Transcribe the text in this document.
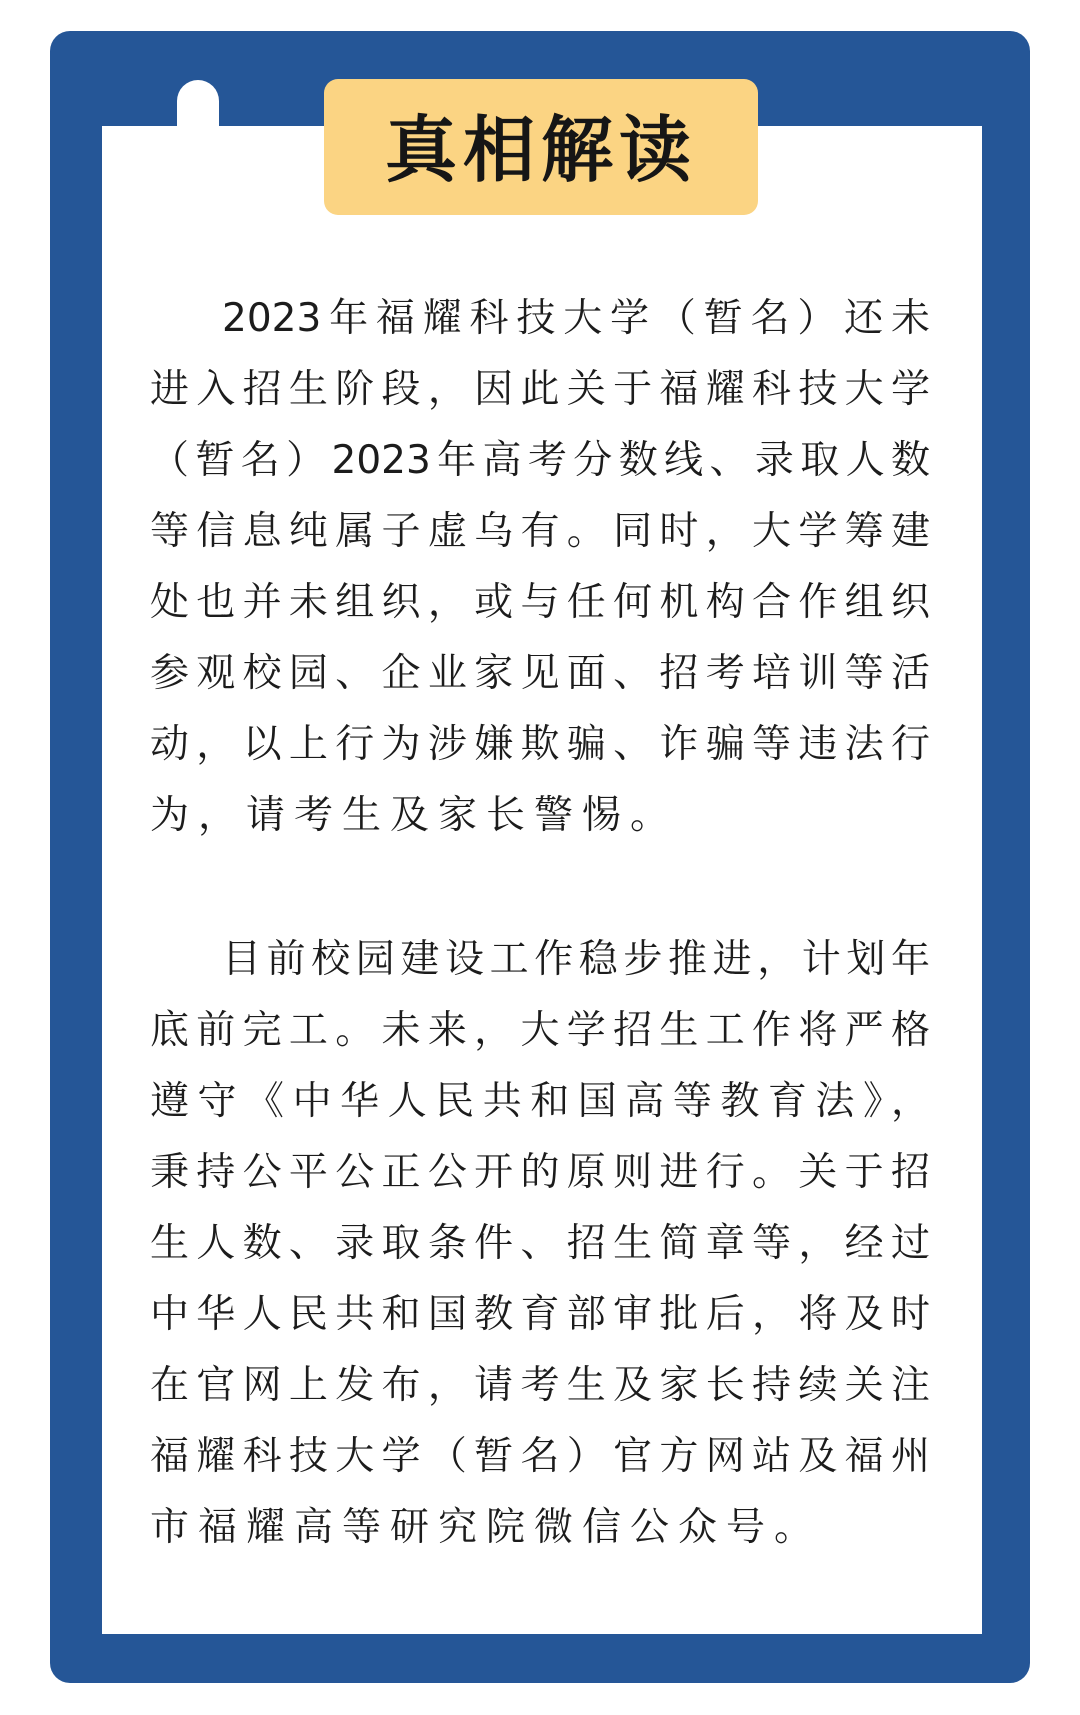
真相解读
2023年福耀科技大学（暂名）还未
进入招生阶段，因此关于福耀科技大学
（暂名）2023年高考分数线、录取人数
等信息纯属子虚乌有。同时，大学筹建
处也并未组织，或与任何机构合作组织
参观校园、企业家见面、招考培训等活
动，以上行为涉嫌欺骗、诈骗等违法行
为，请考生及家长警惕。
目前校园建设工作稳步推进，计划年
底前完工。未来，大学招生工作将严格
遵守《中华人民共和国高等教育法》，
秉持公平公正公开的原则进行。关于招
生人数、录取条件、招生简章等，经过
中华人民共和国教育部审批后，将及时
在官网上发布，请考生及家长持续关注
福耀科技大学（暂名）官方网站及福州
市福耀高等研究院微信公众号。
